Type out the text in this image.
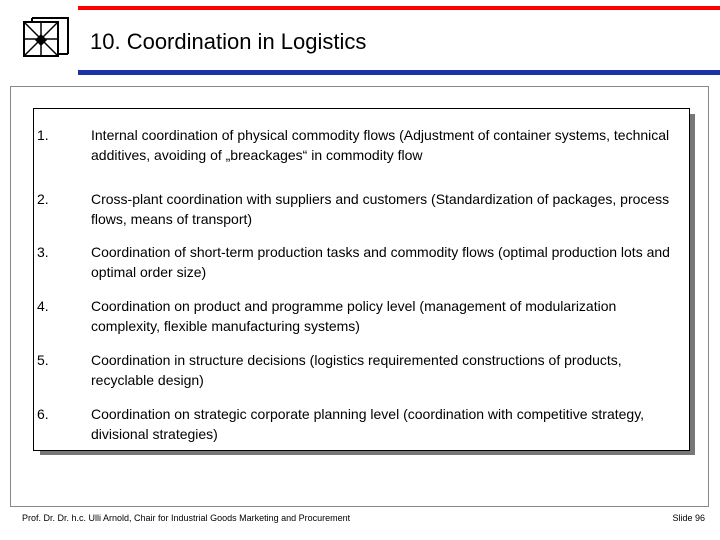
10. Coordination in Logistics
1.	Internal coordination of physical commodity flows (Adjustment of container systems, technical additives, avoiding of „breackages“ in commodity flow
2.	Cross-plant coordination with suppliers and customers (Standardization of packages, process flows, means of transport)
3.	Coordination of short-term production tasks and commodity flows (optimal production lots and optimal order size)
4.	Coordination on product and programme policy level (management of modularization complexity, flexible manufacturing systems)
5.	Coordination in structure decisions (logistics requiremented constructions of products, recyclable design)
6.	Coordination on strategic corporate planning level (coordination with competitive strategy, divisional strategies)
Prof. Dr. Dr. h.c. Ulli Arnold, Chair for Industrial Goods Marketing and Procurement	Slide 96
